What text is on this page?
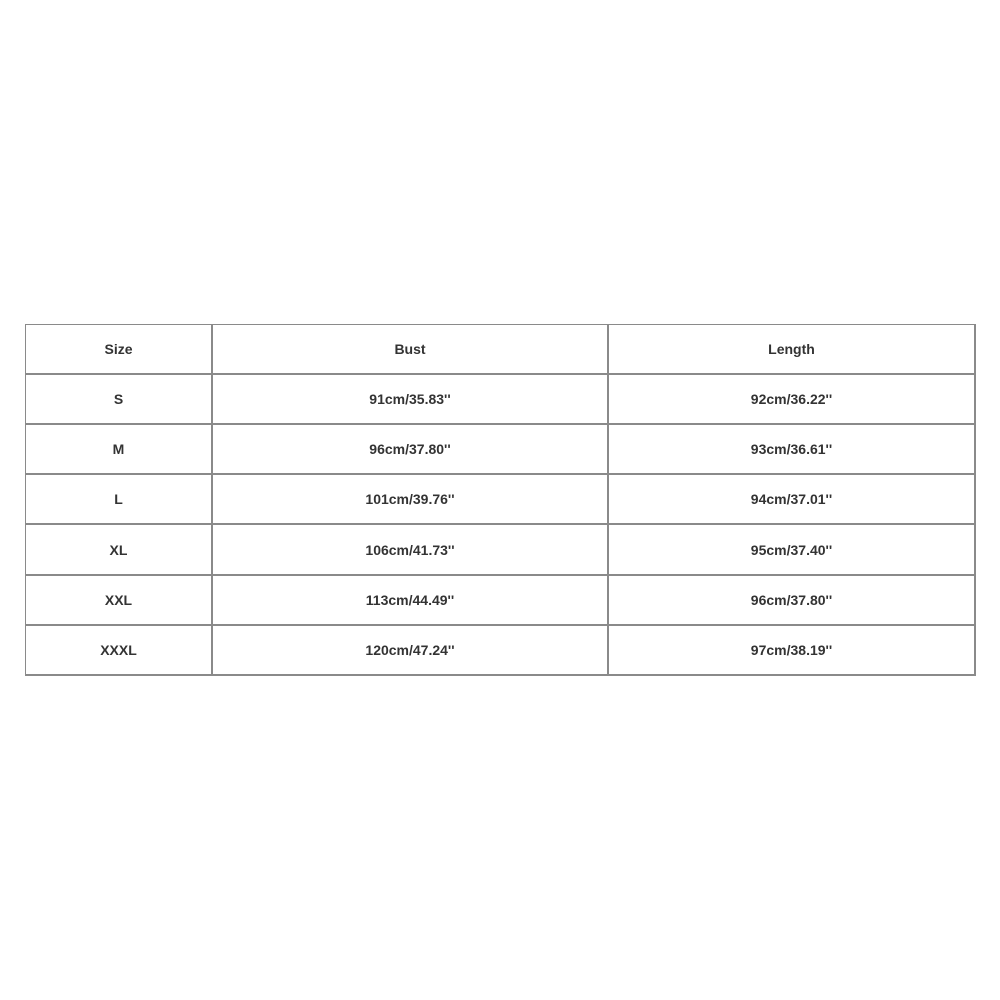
Size	Bust	Length
S	91cm/35.83''	92cm/36.22''
M	96cm/37.80''	93cm/36.61''
L	101cm/39.76''	94cm/37.01''
XL	106cm/41.73''	95cm/37.40''
XXL	113cm/44.49''	96cm/37.80''
XXXL	120cm/47.24''	97cm/38.19''
